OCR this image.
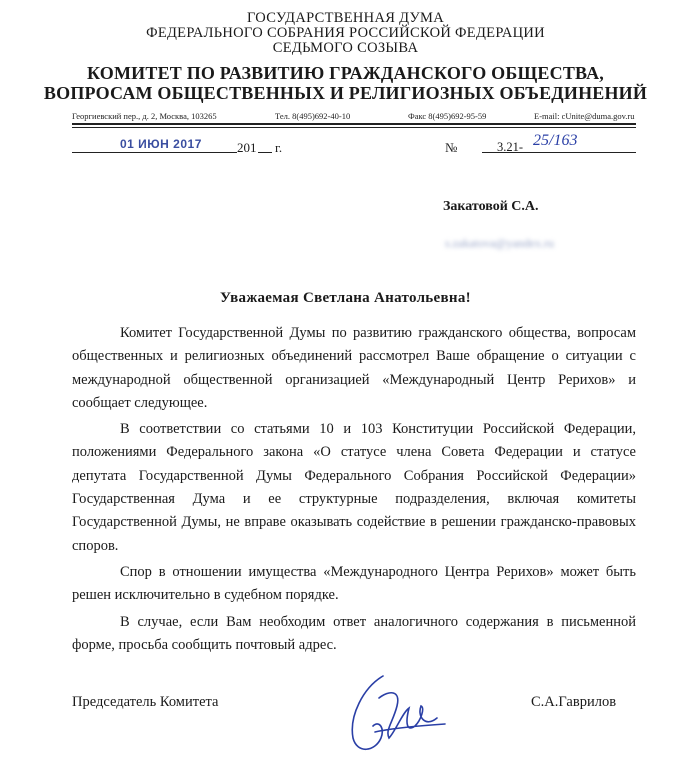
ГОСУДАРСТВЕННАЯ ДУМА
ФЕДЕРАЛЬНОГО СОБРАНИЯ РОССИЙСКОЙ ФЕДЕРАЦИИ
СЕДЬМОГО СОЗЫВА
КОМИТЕТ ПО РАЗВИТИЮ ГРАЖДАНСКОГО ОБЩЕСТВА,
ВОПРОСАМ ОБЩЕСТВЕННЫХ И РЕЛИГИОЗНЫХ ОБЪЕДИНЕНИЙ
Георгиевский пер., д. 2, Москва, 103265	Тел. 8(495)692-40-10	Факс 8(495)692-95-59	E-mail: cUnite@duma.gov.ru
01 ИЮН 2017	201 г.	№	3.21- 25/163
Закатовой С.А.
s.zakatova@yandex.ru
Уважаемая Светлана Анатольевна!

Комитет Государственной Думы по развитию гражданского общества, вопросам общественных и религиозных объединений рассмотрел Ваше обращение о ситуации с международной общественной организацией «Международный Центр Рерихов» и сообщает следующее.

В соответствии со статьями 10 и 103 Конституции Российской Федерации, положениями Федерального закона «О статусе члена Совета Федерации и статусе депутата Государственной Думы Федерального Собрания Российской Федерации» Государственная Дума и ее структурные подразделения, включая комитеты Государственной Думы, не вправе оказывать содействие в решении гражданско-правовых споров.

Спор в отношении имущества «Международного Центра Рерихов» может быть решен исключительно в судебном порядке.

В случае, если Вам необходим ответ аналогичного содержания в письменной форме, просьба сообщить почтовый адрес.

Председатель Комитета	С.А.Гаврилов
